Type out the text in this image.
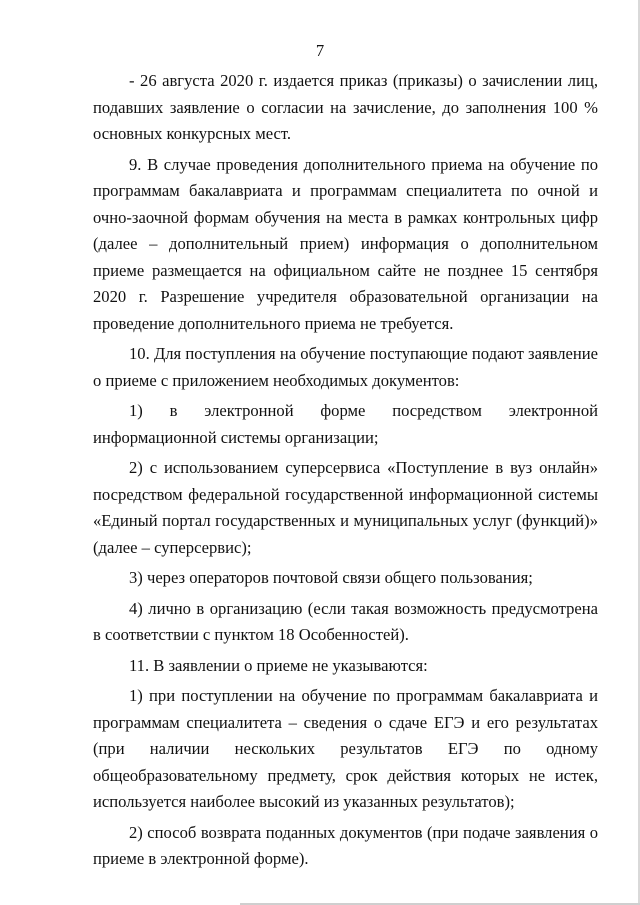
7

- 26 августа 2020 г. издается приказ (приказы) о зачислении лиц, подавших заявление о согласии на зачисление, до заполнения 100 % основных конкурсных мест.

9. В случае проведения дополнительного приема на обучение по программам бакалавриата и программам специалитета по очной и очно-заочной формам обучения на места в рамках контрольных цифр (далее – дополнительный прием) информация о дополнительном приеме размещается на официальном сайте не позднее 15 сентября 2020 г. Разрешение учредителя образовательной организации на проведение дополнительного приема не требуется.

10. Для поступления на обучение поступающие подают заявление о приеме с приложением необходимых документов:

1) в электронной форме посредством электронной информационной системы организации;

2) с использованием суперсервиса «Поступление в вуз онлайн» посредством федеральной государственной информационной системы «Единый портал государственных и муниципальных услуг (функций)» (далее – суперсервис);

3) через операторов почтовой связи общего пользования;

4) лично в организацию (если такая возможность предусмотрена в соответствии с пунктом 18 Особенностей).

11. В заявлении о приеме не указываются:

1) при поступлении на обучение по программам бакалавриата и программам специалитета – сведения о сдаче ЕГЭ и его результатах (при наличии нескольких результатов ЕГЭ по одному общеобразовательному предмету, срок действия которых не истек, используется наиболее высокий из указанных результатов);

2) способ возврата поданных документов (при подаче заявления о приеме в электронной форме).
